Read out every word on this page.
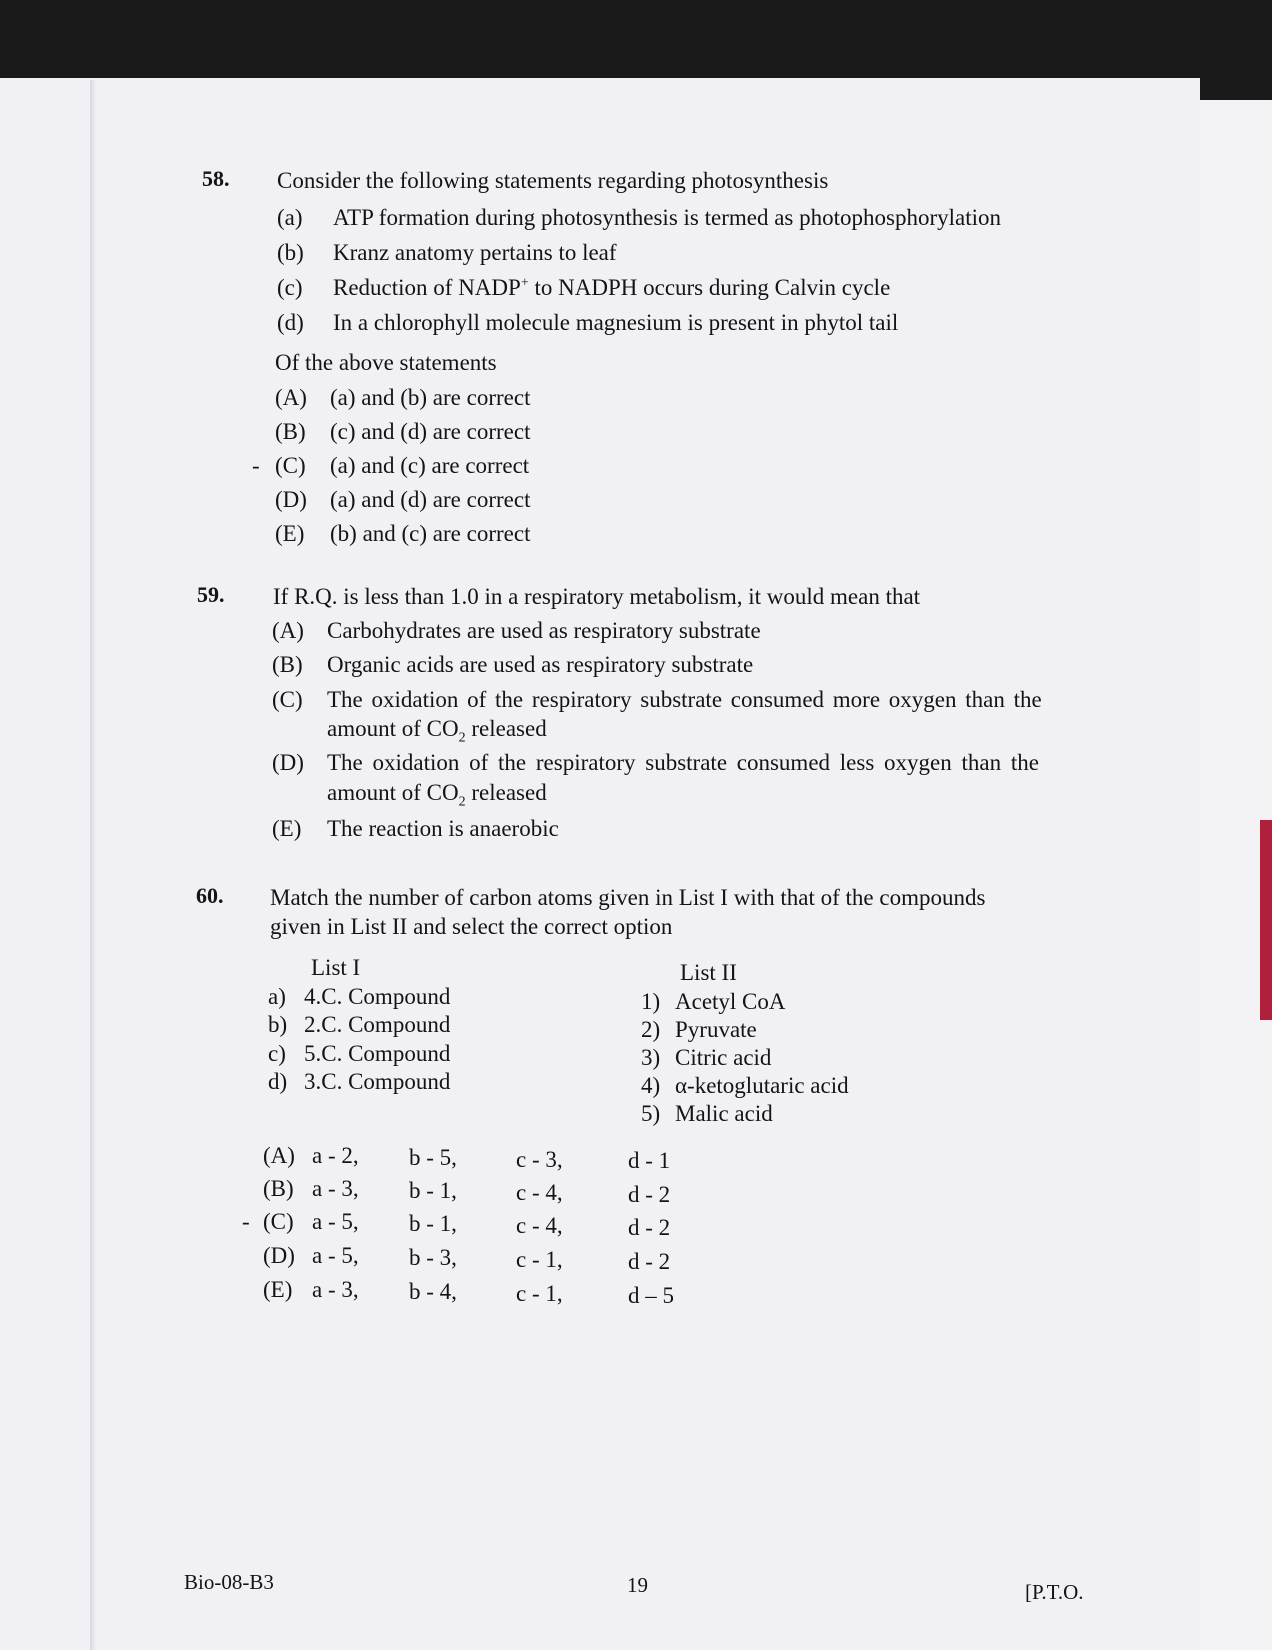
58. Consider the following statements regarding photosynthesis
(a) ATP formation during photosynthesis is termed as photophosphorylation
(b) Kranz anatomy pertains to leaf
(c) Reduction of NADP+ to NADPH occurs during Calvin cycle
(d) In a chlorophyll molecule magnesium is present in phytol tail
Of the above statements
(A) (a) and (b) are correct
(B) (c) and (d) are correct
- (C) (a) and (c) are correct
(D) (a) and (d) are correct
(E) (b) and (c) are correct
59. If R.Q. is less than 1.0 in a respiratory metabolism, it would mean that
(A) Carbohydrates are used as respiratory substrate
(B) Organic acids are used as respiratory substrate
(C) The oxidation of the respiratory substrate consumed more oxygen than the
amount of $CO_2$ released
(D) The oxidation of the respiratory substrate consumed less oxygen than the
amount of $CO_2$ released
(E) The reaction is anaerobic
60. Match the number of carbon atoms given in List I with that of the compounds
given in List II and select the correct option
List I	List II
a) 4.C. Compound
b) 2.C. Compound
c) 5.C. Compound
d) 3.C. Compound
1) Acetyl CoA
2) Pyruvate
3) Citric acid
4) α-ketoglutaric acid
5) Malic acid
(A) a - 2, b - 5,	c - 3,	d - 1
(B) a - 3, b - 1,	c - 4,	d - 2
- (C) a - 5, b - 1,	c - 4,	d - 2
(D) a - 5, b - 3,	c - 1,	d - 2
(E) a - 3, b - 4,	c - 1,	d – 5
Bio-08-B3	19	[P.T.O.
